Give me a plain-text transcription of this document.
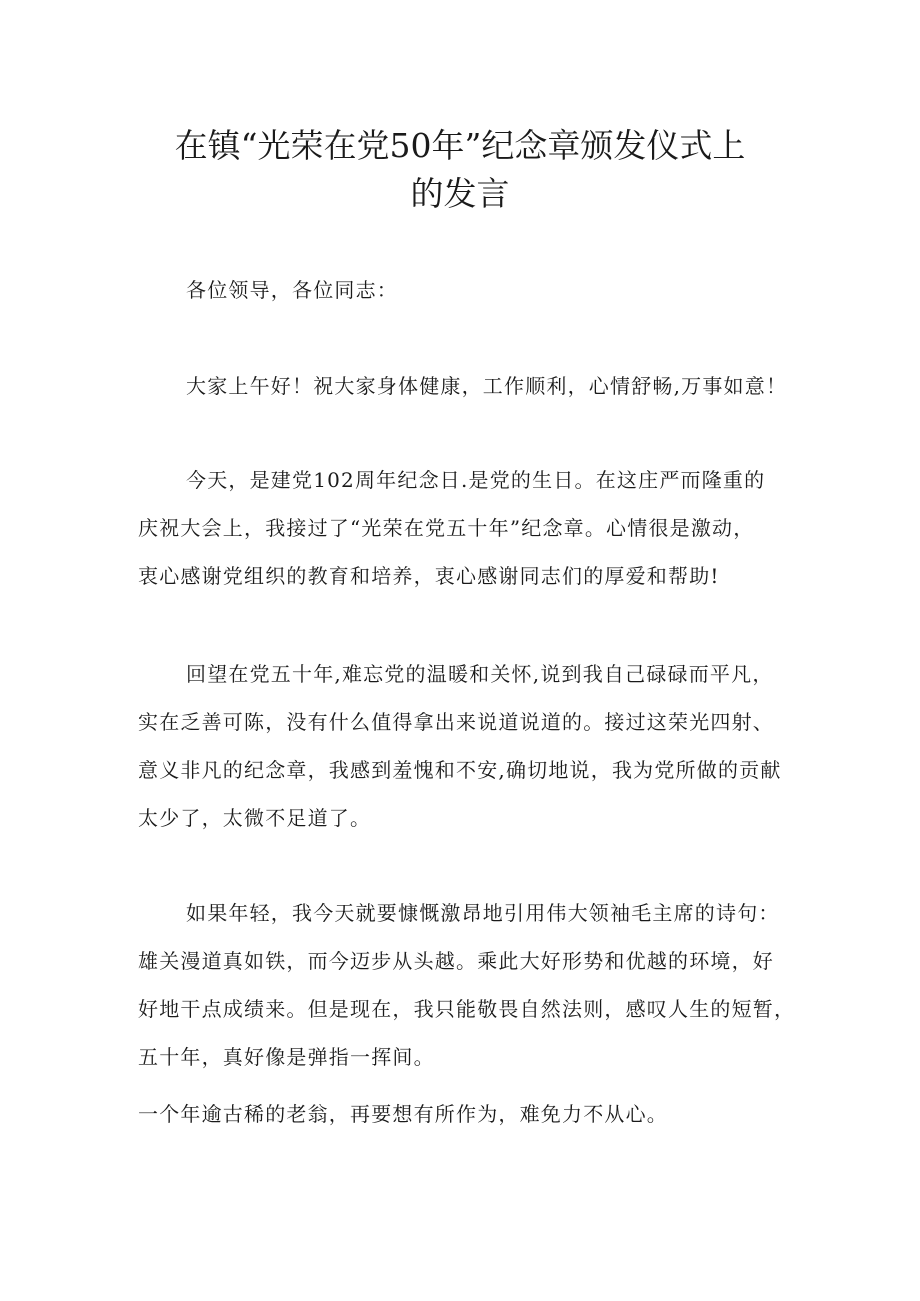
在镇“光荣在党50年”纪念章颁发仪式上
的发言

各位领导，各位同志：

大家上午好！祝大家身体健康，工作顺利，心情舒畅,万事如意！

今天，是建党102周年纪念日.是党的生日。在这庄严而隆重的

庆祝大会上，我接过了“光荣在党五十年”纪念章。心情很是激动，

衷心感谢党组织的教育和培养，衷心感谢同志们的厚爱和帮助!

回望在党五十年,难忘党的温暖和关怀,说到我自己碌碌而平凡，

实在乏善可陈，没有什么值得拿出来说道说道的。接过这荣光四射、

意义非凡的纪念章，我感到羞愧和不安,确切地说，我为党所做的贡献

太少了，太微不足道了。

如果年轻，我今天就要慷慨激昂地引用伟大领袖毛主席的诗句：

雄关漫道真如铁，而今迈步从头越。乘此大好形势和优越的环境，好

好地干点成绩来。但是现在，我只能敬畏自然法则，感叹人生的短暂，

五十年，真好像是弹指一挥间。

一个年逾古稀的老翁，再要想有所作为，难免力不从心。
